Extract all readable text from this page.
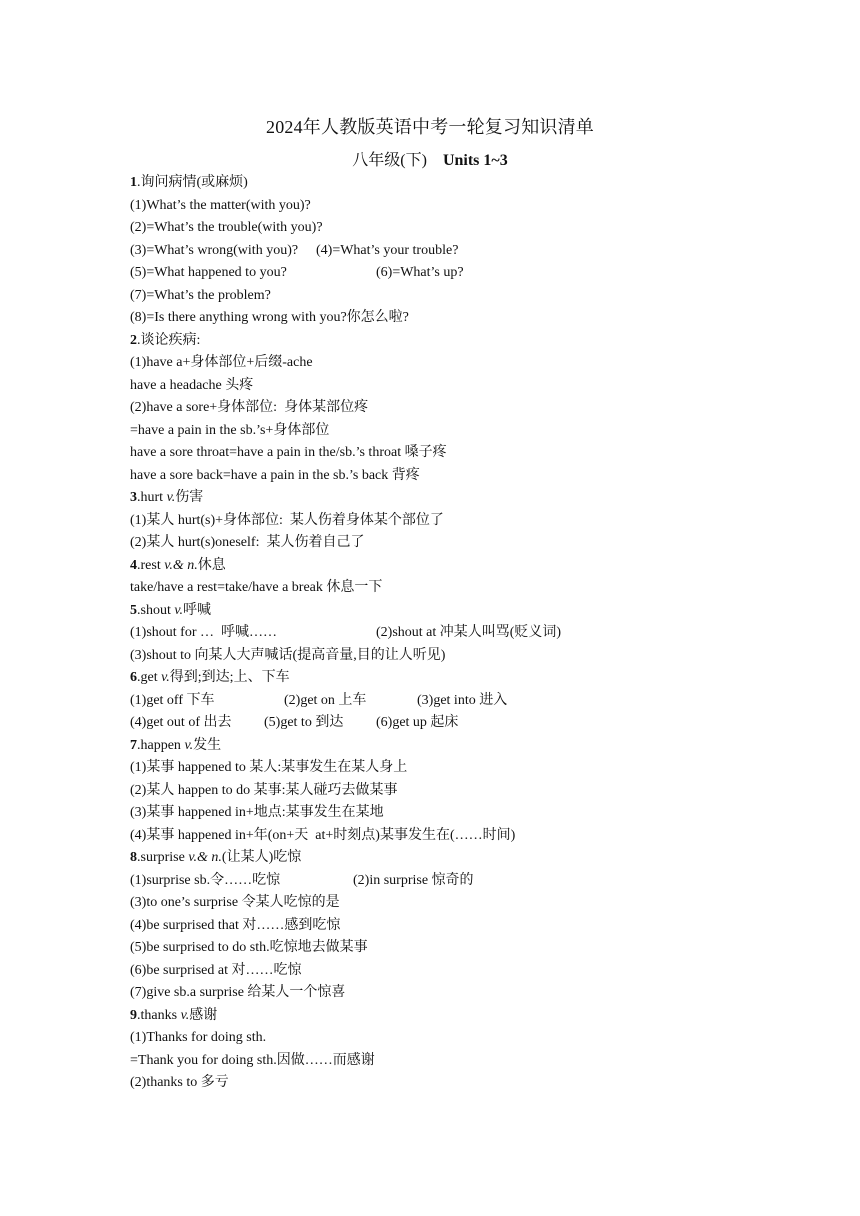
2024年人教版英语中考一轮复习知识清单
八年级(下) Units 1~3
1.询问病情(或麻烦)
(1)What’s the matter(with you)?
(2)=What’s the trouble(with you)?
(3)=What’s wrong(with you)? (4)=What’s your trouble?
(5)=What happened to you?	(6)=What’s up?
(7)=What’s the problem?
(8)=Is there anything wrong with you?你怎么啦?
2.谈论疾病:
(1)have a+身体部位+后缀-ache
have a headache 头疼
(2)have a sore+身体部位:  身体某部位疼
=have a pain in the sb.’s+身体部位
have a sore throat=have a pain in the/sb.’s throat 嗓子疼
have a sore back=have a pain in the sb.’s back 背疼
3.hurt v.伤害
(1)某人 hurt(s)+身体部位:  某人伤着身体某个部位了
(2)某人 hurt(s)oneself:  某人伤着自己了
4.rest v.& n.休息
take/have a rest=take/have a break 休息一下
5.shout v.呼喊
(1)shout for …  呼喊……	(2)shout at 冲某人叫骂(贬义词)
(3)shout to 向某人大声喊话(提高音量,目的让人听见)
6.get v.得到;到达;上、下车
(1)get off 下车	(2)get on 上车	(3)get into 进入
(4)get out of 出去 (5)get to 到达 (6)get up 起床
7.happen v.发生
(1)某事 happened to 某人:某事发生在某人身上
(2)某人 happen to do 某事:某人碰巧去做某事
(3)某事 happened in+地点:某事发生在某地
(4)某事 happened in+年(on+天  at+时刻点)某事发生在(……时间)
8.surprise v.& n.(让某人)吃惊
(1)surprise sb.令……吃惊	(2)in surprise 惊奇的
(3)to one’s surprise 令某人吃惊的是
(4)be surprised that 对……感到吃惊
(5)be surprised to do sth.吃惊地去做某事
(6)be surprised at 对……吃惊
(7)give sb.a surprise 给某人一个惊喜
9.thanks v.感谢
(1)Thanks for doing sth.
=Thank you for doing sth.因做……而感谢
(2)thanks to 多亏
